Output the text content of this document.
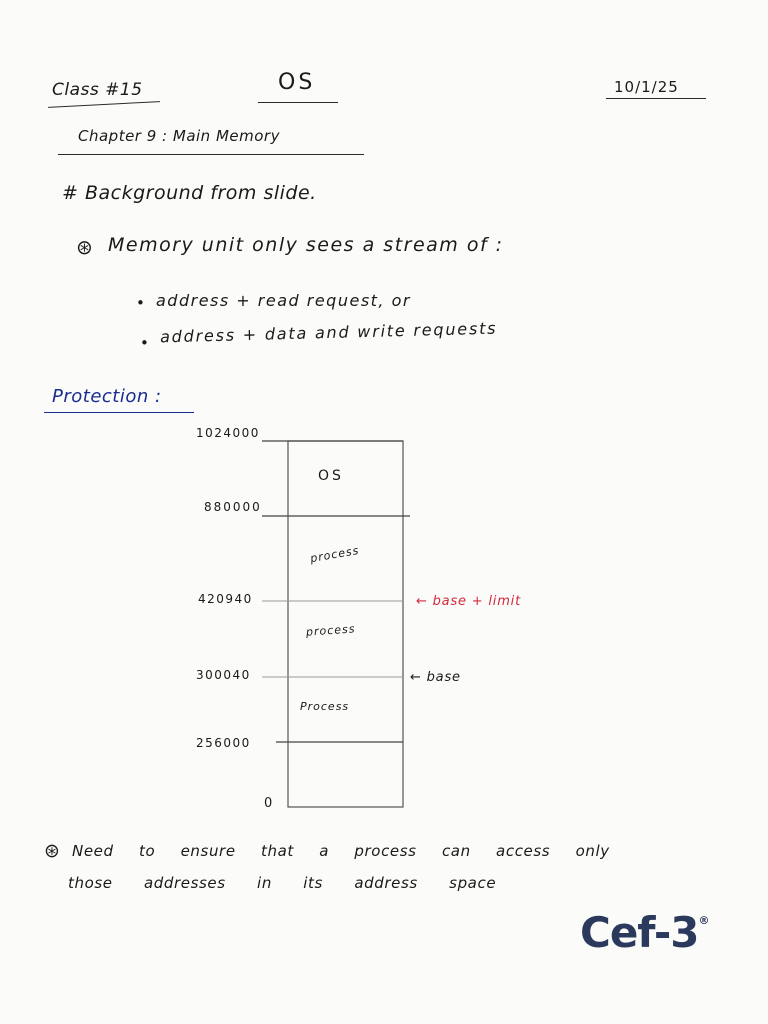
Class #15	OS	10/1/25
Chapter 9 : Main Memory
# Background from slide.
⊛ Memory unit only sees a stream of :
• address + read request, or
• address + data and write requests
Protection :
1024000
880000
420940
300040
256000
0
OS
process
process
Process
← base + limit
← base
⊛ Need to ensure that a process can access only
those addresses in its address space
Cef-3®
